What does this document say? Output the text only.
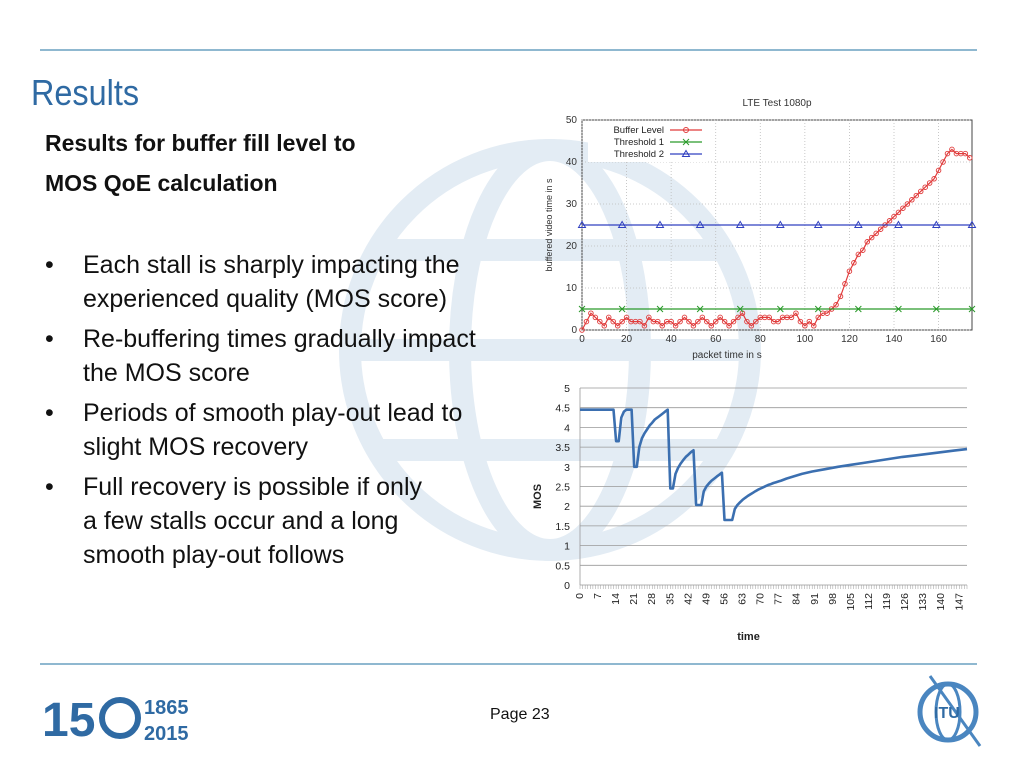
Results
Results for buffer fill level to
MOS QoE calculation
• Each stall is sharply impacting the
experienced quality (MOS score)
• Re-buffering times gradually impact
the MOS score
• Periods of smooth play-out lead to
slight MOS recovery
• Full recovery is possible if only
a few stalls occur and a long
smooth play-out follows
LTE Test 1080p
0
10
20
30
40
50
0	20	40	60	80	100	120	140	160
packet time in s
buffered video time in s
Buffer Level
Threshold 1
Threshold 2
0
0.5
1
1.5
2
2.5
3
3.5
4
4.5
5
0 7 14 21 28 35 42 49 56 63 70 77 84 91 98 105 112 119 126 133 140 147
time
MOS
15 1865
2015
Page 23	ITU
